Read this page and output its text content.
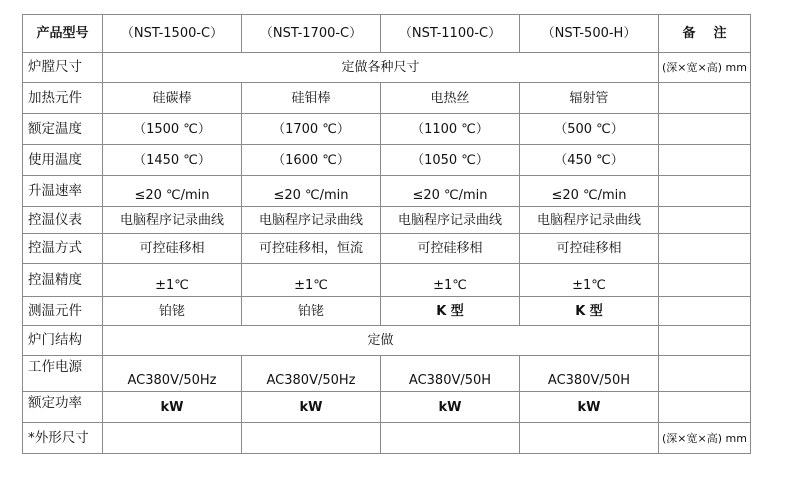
产品型号	（NST-1500-C）	（NST-1700-C）	（NST-1100-C）	（NST-500-H）	备    注
炉膛尺寸	定做各种尺寸				(深×宽×高) mm
加热元件	硅碳棒	硅钼棒	电热丝	辐射管	
额定温度	（1500 ℃）	（1700 ℃）	（1100 ℃）	（500 ℃）	
使用温度	（1450 ℃）	（1600 ℃）	（1050 ℃）	（450 ℃）	
升温速率	≤20 ℃/min	≤20 ℃/min	≤20 ℃/min	≤20 ℃/min	
控温仪表	电脑程序记录曲线	电脑程序记录曲线	电脑程序记录曲线	电脑程序记录曲线	
控温方式	可控硅移相	可控硅移相，恒流	可控硅移相	可控硅移相	
控温精度	±1℃	±1℃	±1℃	±1℃	
测温元件	铂铑	铂铑	K 型	K 型	
炉门结构	定做				
工作电源	AC380V/50Hz	AC380V/50Hz	AC380V/50H	AC380V/50H	
额定功率	kW	kW	kW	kW	
*外形尺寸					(深×宽×高) mm
